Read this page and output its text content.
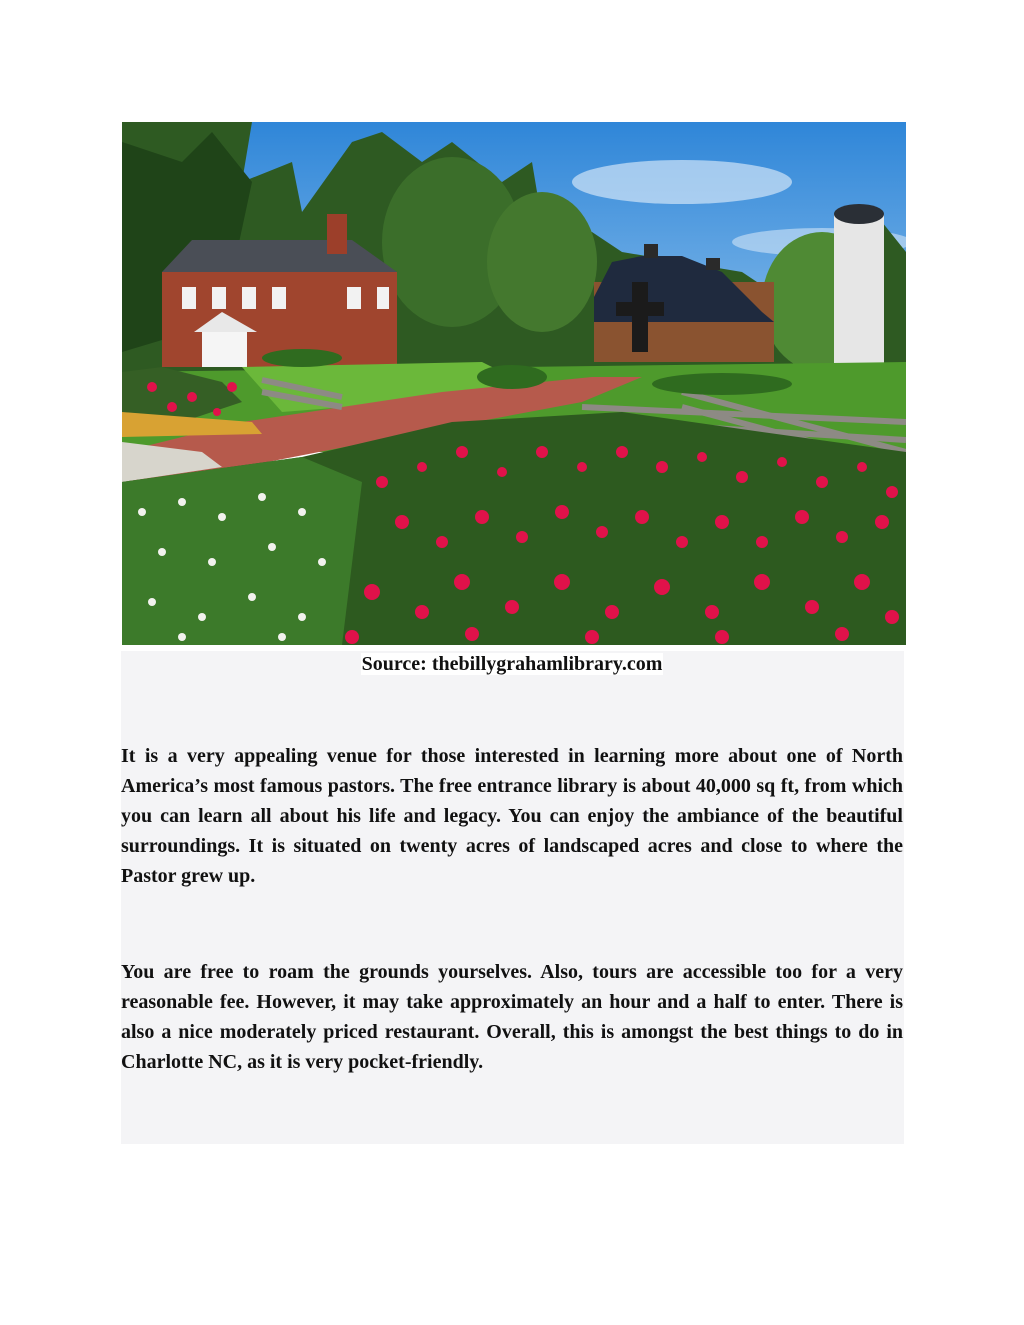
Source: thebillygrahamlibrary.com

It is a very appealing venue for those interested in learning more about one of North America’s most famous pastors. The free entrance library is about 40,000 sq ft, from which you can learn all about his life and legacy. You can enjoy the ambiance of the beautiful surroundings. It is situated on twenty acres of landscaped acres and close to where the Pastor grew up.

You are free to roam the grounds yourselves. Also, tours are accessible too for a very reasonable fee. However, it may take approximately an hour and a half to enter. There is also a nice moderately priced restaurant. Overall, this is amongst the best things to do in Charlotte NC, as it is very pocket-friendly.
